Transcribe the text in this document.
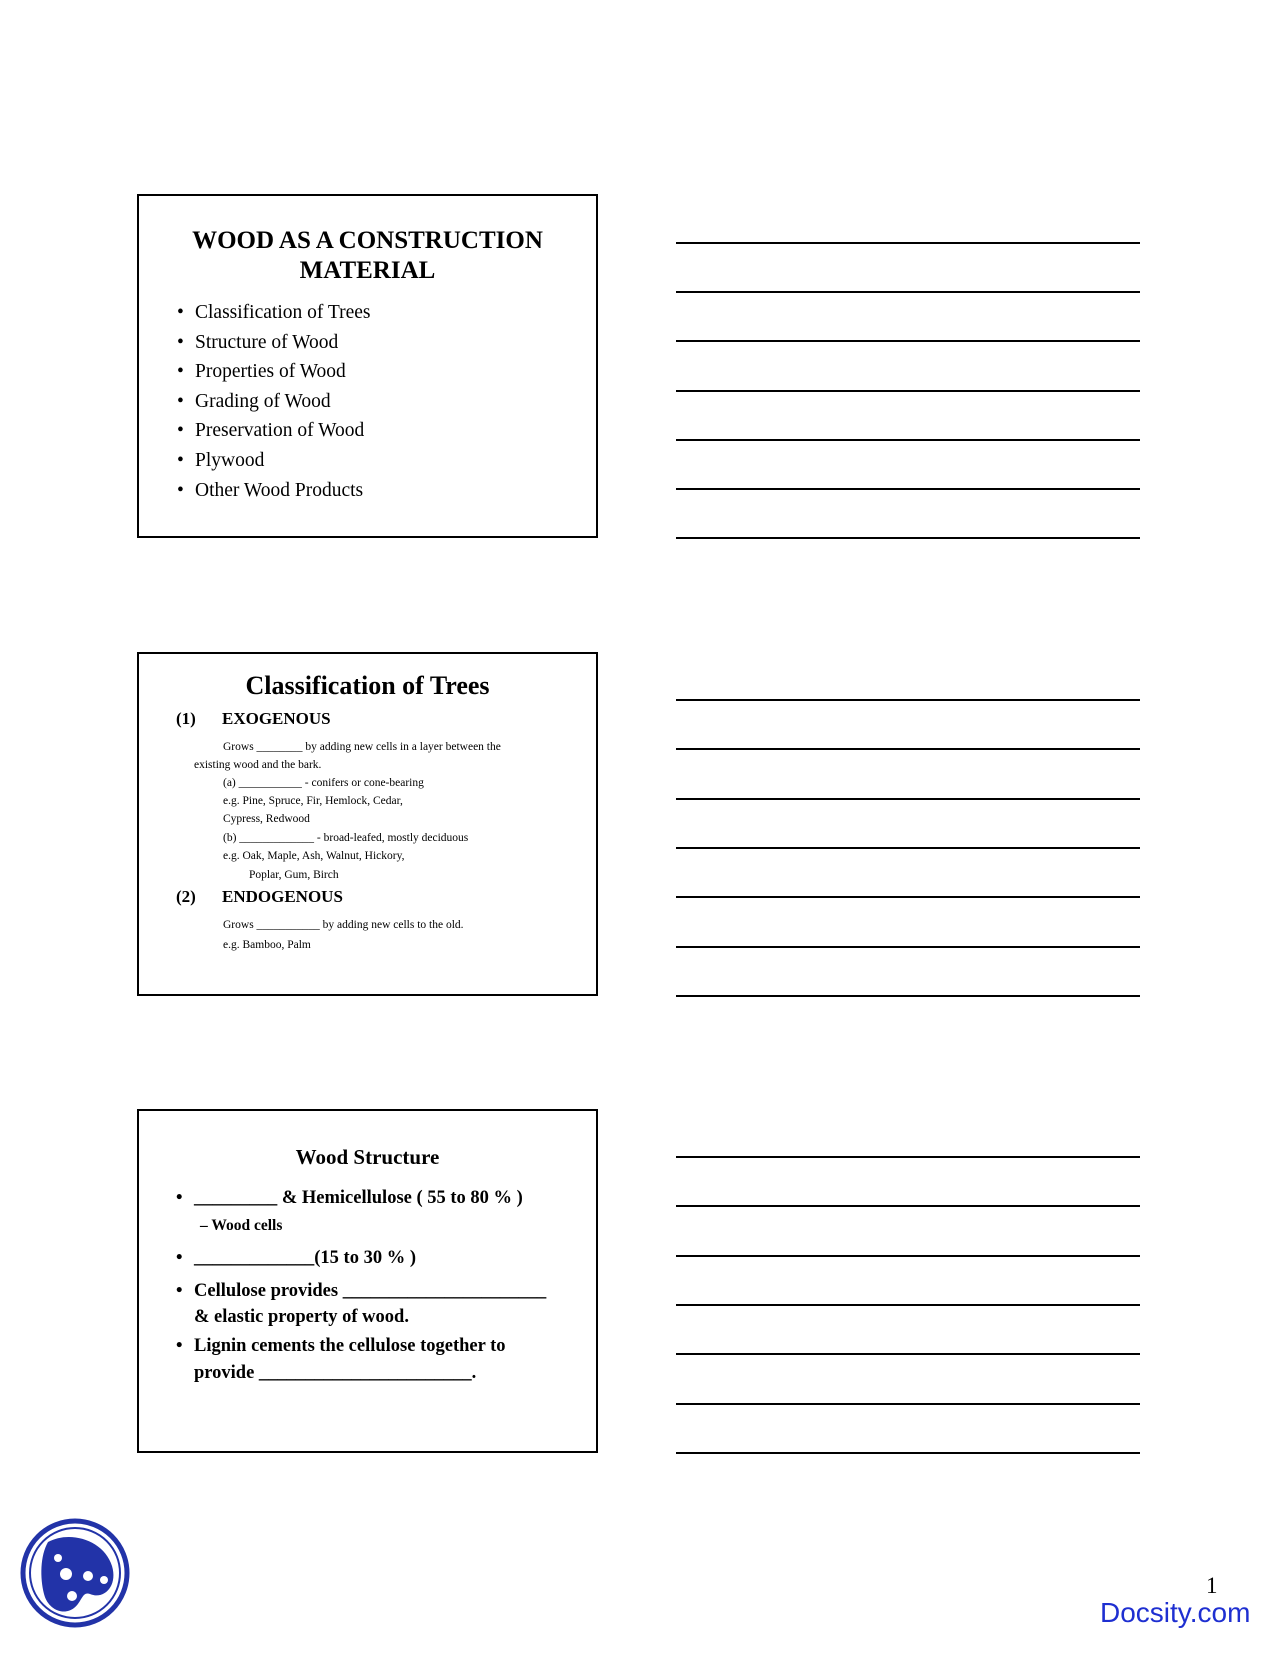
WOOD AS A CONSTRUCTION
MATERIAL
• Classification of Trees
• Structure of Wood
• Properties of Wood
• Grading of Wood
• Preservation of Wood
• Plywood
• Other Wood Products
Classification of Trees
(1) EXOGENOUS
Grows ________ by adding new cells in a layer between the
existing wood and the bark.
(a) ___________ - conifers or cone-bearing
e.g. Pine, Spruce, Fir, Hemlock, Cedar,
Cypress, Redwood
(b) _____________ - broad-leafed, mostly deciduous
e.g. Oak, Maple, Ash, Walnut, Hickory,
Poplar, Gum, Birch
(2) ENDOGENOUS
Grows ___________ by adding new cells to the old.
e.g. Bamboo, Palm
Wood Structure
• _________ & Hemicellulose ( 55 to 80 % )
– Wood cells
• _____________(15 to 30 % )
• Cellulose provides ______________________
& elastic property of wood.
• Lignin cements the cellulose together to
provide _______________________.
1
Docsity.com
